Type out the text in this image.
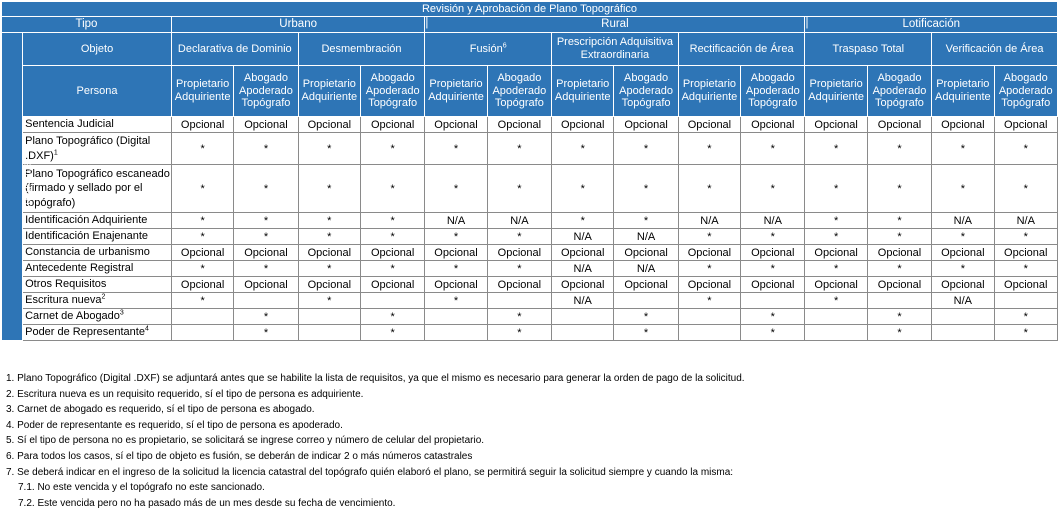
Revisión y Aprobación de Plano Topográfico															
Tipo		Urbano				| Rural						| Lotificación
Requisitos	Objeto	Declarativa de Dominio		Desmembración		Fusión$^6$		Prescripción Adquisitiva Extraordinaria		Rectificación de Área		Traspaso Total		Verificación de Área	
	Persona	Propietario Adquiriente	Abogado Apoderado Topógrafo	Propietario Adquiriente	Abogado Apoderado Topógrafo	Propietario Adquiriente	Abogado Apoderado Topógrafo	Propietario Adquiriente	Abogado Apoderado Topógrafo	Propietario Adquiriente	Abogado Apoderado Topógrafo	Propietario Adquiriente	Abogado Apoderado Topógrafo	Propietario Adquiriente	Abogado Apoderado Topógrafo
	Sentencia Judicial	Opcional	Opcional	Opcional	Opcional	Opcional	Opcional	Opcional	Opcional	Opcional	Opcional	Opcional	Opcional	Opcional	Opcional
	Plano Topográfico (Digital .DXF)$^1$	*	*	*	*	*	*	*	*	*	*	*	*	*	*
	Plano Topográfico escaneado (firmado y sellado por el topógrafo)	*	*	*	*	*	*	*	*	*	*	*	*	*	*
	Identificación Adquiriente	*	*	*	*	N/A	N/A	*	*	N/A	N/A	*	*	N/A	N/A
	Identificación Enajenante	*	*	*	*	*	*	N/A	N/A	*	*	*	*	*	*
	Constancia de urbanismo	Opcional	Opcional	Opcional	Opcional	Opcional	Opcional	Opcional	Opcional	Opcional	Opcional	Opcional	Opcional	Opcional	Opcional
	Antecedente Registral	*	*	*	*	*	*	N/A	N/A	*	*	*	*	*	*
	Otros Requisitos	Opcional	Opcional	Opcional	Opcional	Opcional	Opcional	Opcional	Opcional	Opcional	Opcional	Opcional	Opcional	Opcional	Opcional
	Escritura nueva$^2$	*		*		*		N/A		*		*		N/A	
	Carnet de Abogado$^3$		*		*		*		*		*		*		*
	Poder de Representante$^4$		*		*		*		*		*		*		*
1. Plano Topográfico (Digital .DXF) se adjuntará antes que se habilite la lista de requisitos, ya que el mismo es necesario para generar la orden de pago de la solicitud.
2. Escritura nueva es un requisito requerido, sí el tipo de persona es adquiriente.
3. Carnet de abogado es requerido, sí el tipo de persona es abogado.
4. Poder de representante es requerido, sí el tipo de persona es apoderado.
5. Sí el tipo de persona no es propietario, se solicitará se ingrese correo y número de celular del propietario.
6. Para todos los casos, sí el tipo de objeto es fusión, se deberán de indicar 2 o más números catastrales
7. Se deberá indicar en el ingreso de la solicitud la licencia catastral del topógrafo quién elaboró el plano, se permitirá seguir la solicitud siempre y cuando la misma:
7.1. No este vencida y el topógrafo no este sancionado.
7.2. Este vencida pero no ha pasado más de un mes desde su fecha de vencimiento.
